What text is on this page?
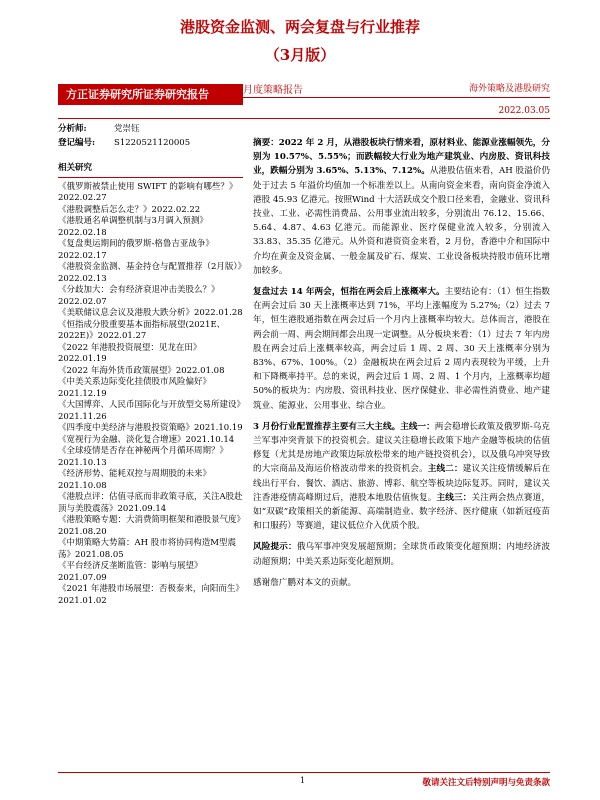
港股资金监测、两会复盘与行业推荐
（3月版）
方正证券研究所证券研究报告	月度策略报告	海外策略及港股研究
2022.03.05
分析师:	党崇钰
登记编号:	S1220521120005
相关研究
《俄罗斯被禁止使用 SWIFT 的影响有哪些？》2022.02.27
《港股调整后怎么走？》2022.02.22
《港股通名单调整机制与3月调入预测》2022.02.18
《复盘奥运期间的俄罗斯-格鲁吉亚战争》2022.02.17
《港股资金监测、基金持仓与配置推荐（2月版）》2022.02.13
《分歧加大：会有经济衰退冲击美股么？》2022.02.07
《美联储议息会议及港股大跌分析》2022.01.28
《恒指成分股重要基本面指标展望(2021E、2022E)》2022.01.27
《2022 年港股投资展望：见龙在田》2022.01.19
《2022 年海外货币政策展望》2022.01.08
《中美关系边际变化挂债股市风险偏好》2021.12.19
《大国博弈、人民币国际化与开放型交易所建设》2021.11.26
《四季度中美经济与港股投资策略》2021.10.19
《宽视行为金融、淡化复合增速》2021.10.14
《全球疫情是否存在神秘两个月循环周期？》2021.10.13
《经济形势、能耗双控与周期股的未来》2021.10.08
《港股点评：估值寻底而非政策寻底，关注A股赴顶与美股震荡》2021.09.14
《港股策略专题：大消费简明框架和港股景气度》2021.08.20
《中期策略大势篇：AH 股市将协同构造M型震荡》2021.08.05
《平台经济反垄断监管：影响与展望》2021.07.09
《2021 年港股市场展望：否极泰来，向阳而生》2021.01.02

摘要：2022 年 2 月，从港股板块行情来看，原材料业、能源业涨幅领先，分别为 10.57%、5.55%；而跌幅较大行业为地产建筑业、内房股、资讯科技业，跌幅分别为 3.65%、5.13%、7.12%。从港股估值来看，AH 股溢价仍处于过去 5 年溢价均值加一个标准差以上。从南向资金来看，南向资金净流入港股 45.93 亿港元。按照Wind 十大活跃成交个股口径来看，金融业、资讯科技业、工业、必需性消费品、公用事业流出较多，分别流出 76.12、15.66、5.64、4.87、4.63 亿港元。而能源业、医疗保健业流入较多，分别流入 33.83、35.35 亿港元。从外资和港资资金来看，2 月份，香港中介和国际中介均在黄金及资金属、一般金属及矿石、煤炭、工业设备板块持股市值环比增加较多。

复盘过去 14 年两会，恒指在两会后上涨概率大。主要结论有：（1）恒生指数在两会过后 30 天上涨概率达到 71%，平均上涨幅度为 5.27%;（2）过去 7 年，恒生港股通指数在两会过后一个月内上涨概率均较大。总体而言，港股在两会前一周、两会期间都会出现一定调整。从分板块来看：（1）过去 7 年内房股在两会过后上涨概率较高，两会过后 1 周、2 周、30 天上涨概率分别为 83%、67%、100%。（2）金融板块在两会过后 2 周内表现较为平缓，上升和下降概率持平。总的来说，两会过后 1 周、2 周、1 个月内，上涨概率均超 50%的板块为：内房股、资讯科技业、医疗保健业、非必需性消费业、地产建筑业、能源业、公用事业、综合业。

3 月份行业配置推荐主要有三大主线。主线一：两会稳增长政策及俄罗斯-乌克兰军事冲突背景下的投资机会。建议关注稳增长政策下地产金融等板块的估值修复（尤其是房地产政策边际放松带来的地产链投资机会），以及俄乌冲突导致的大宗商品及海运价格波动带来的投资机会。主线二：建议关注疫情缓解后在线出行平台、餐饮、酒店、旅游、博彩、航空等板块边际复苏。同时，建议关注香港疫情高峰期过后，港股本地股估值恢复。主线三：关注两会热点赛道，如“双碳”政策相关的新能源、高端制造业、数字经济、医疗健康（如新冠疫苗和口服药）等赛道，建议低位介入优质个股。

风险提示：俄乌军事冲突发展超预期；全球货币政策变化超预期；内地经济波动超预期；中美关系边际变化超预期。

感谢詹广鹏对本文的贡献。

1	敬请关注文后特别声明与免责条款
